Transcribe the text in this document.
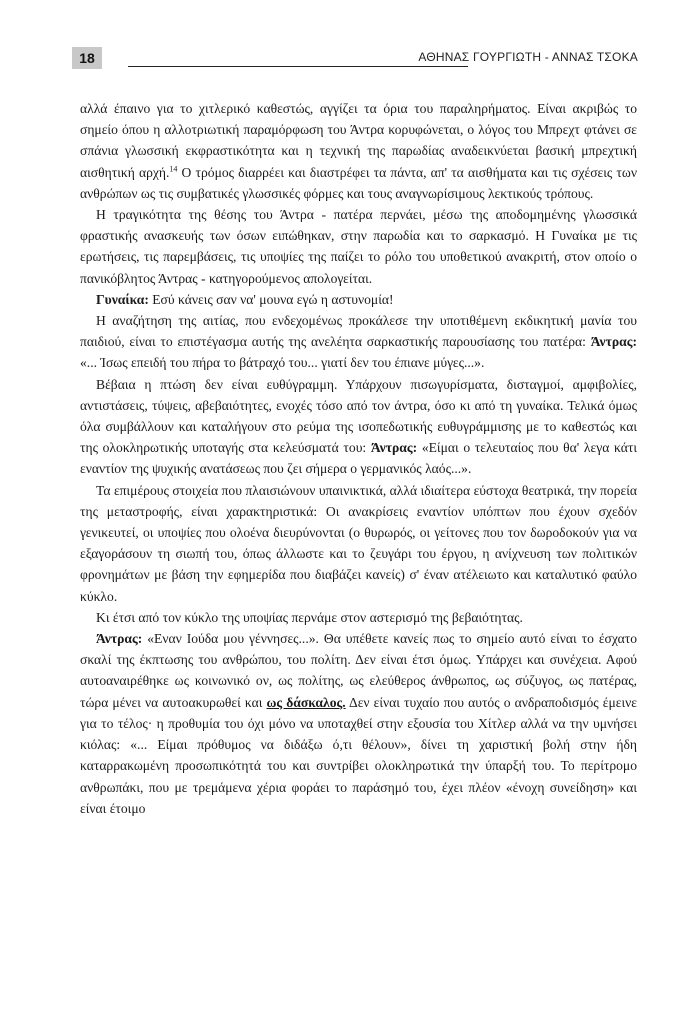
18	ΑΘΗΝΑΣ ΓΟΥΡΓΙΩΤΗ - ΑΝΝΑΣ ΤΣΟΚΑ

αλλά έπαινο για το χιτλερικό καθεστώς, αγγίζει τα όρια του παραληρήματος. Είναι ακριβώς το σημείο όπου η αλλοτριωτική παραμόρφωση του Άντρα κορυφώνεται, ο λόγος του Μπρεχτ φτάνει σε σπάνια γλωσσική εκφραστικότητα και η τεχνική της παρωδίας αναδεικνύεται βασική μπρεχτική αισθητική αρχή.$^{14}$ Ο τρόμος διαρρέει και διαστρέφει τα πάντα, απ' τα αισθήματα και τις σχέσεις των ανθρώπων ως τις συμβατικές γλωσσικές φόρμες και τους αναγνωρίσιμους λεκτικούς τρόπους.

Η τραγικότητα της θέσης του Άντρα - πατέρα περνάει, μέσω της αποδομημένης γλωσσικά φραστικής ανασκευής των όσων ειπώθηκαν, στην παρωδία και το σαρκασμό. Η Γυναίκα με τις ερωτήσεις, τις παρεμβάσεις, τις υποψίες της παίζει το ρόλο του υποθετικού ανακριτή, στον οποίο ο πανικόβλητος Άντρας - κατηγορούμενος απολογείται.

Γυναίκα: Εσύ κάνεις σαν να' μουνα εγώ η αστυνομία!

Η αναζήτηση της αιτίας, που ενδεχομένως προκάλεσε την υποτιθέμενη εκδικητική μανία του παιδιού, είναι το επιστέγασμα αυτής της ανελέητα σαρκαστικής παρουσίασης του πατέρα: Άντρας: «... Ίσως επειδή του πήρα το βάτραχό του... γιατί δεν του έπιανε μύγες...».

Βέβαια η πτώση δεν είναι ευθύγραμμη. Υπάρχουν πισωγυρίσματα, δισταγμοί, αμφιβολίες, αντιστάσεις, τύψεις, αβεβαιότητες, ενοχές τόσο από τον άντρα, όσο κι από τη γυναίκα. Τελικά όμως όλα συμβάλλουν και καταλήγουν στο ρεύμα της ισοπεδωτικής ευθυγράμμισης με το καθεστώς και της ολοκληρωτικής υποταγής στα κελεύσματά του: Άντρας: «Είμαι ο τελευταίος που θα' λεγα κάτι εναντίον της ψυχικής ανατάσεως που ζει σήμερα ο γερμανικός λαός...».

Τα επιμέρους στοιχεία που πλαισιώνουν υπαινικτικά, αλλά ιδιαίτερα εύστοχα θεατρικά, την πορεία της μεταστροφής, είναι χαρακτηριστικά: Οι ανακρίσεις εναντίον υπόπτων που έχουν σχεδόν γενικευτεί, οι υποψίες που ολοένα διευρύνονται (ο θυρωρός, οι γείτονες που τον δωροδοκούν για να εξαγοράσουν τη σιωπή του, όπως άλλωστε και το ζευγάρι του έργου, η ανίχνευση των πολιτικών φρονημάτων με βάση την εφημερίδα που διαβάζει κανείς) σ' έναν ατέλειωτο και καταλυτικό φαύλο κύκλο.

Κι έτσι από τον κύκλο της υποψίας περνάμε στον αστερισμό της βεβαιότητας.

Άντρας: «Εναν Ιούδα μου γέννησες...». Θα υπέθετε κανείς πως το σημείο αυτό είναι το έσχατο σκαλί της έκπτωσης του ανθρώπου, του πολίτη. Δεν είναι έτσι όμως. Υπάρχει και συνέχεια. Αφού αυτοαναιρέθηκε ως κοινωνικό ον, ως πολίτης, ως ελεύθερος άνθρωπος, ως σύζυγος, ως πατέρας, τώρα μένει να αυτοακυρωθεί και ως δάσκαλος. Δεν είναι τυχαίο που αυτός ο ανδραποδισμός έμεινε για το τέλος· η προθυμία του όχι μόνο να υποταχθεί στην εξουσία του Χίτλερ αλλά να την υμνήσει κιόλας: «... Είμαι πρόθυμος να διδάξω ό,τι θέλουν», δίνει τη χαριστική βολή στην ήδη καταρρακωμένη προσωπικότητά του και συντρίβει ολοκληρωτικά την ύπαρξή του. Το περίτρομο ανθρωπάκι, που με τρεμάμενα χέρια φοράει το παράσημό του, έχει πλέον «ένοχη συνείδηση» και είναι έτοιμο
